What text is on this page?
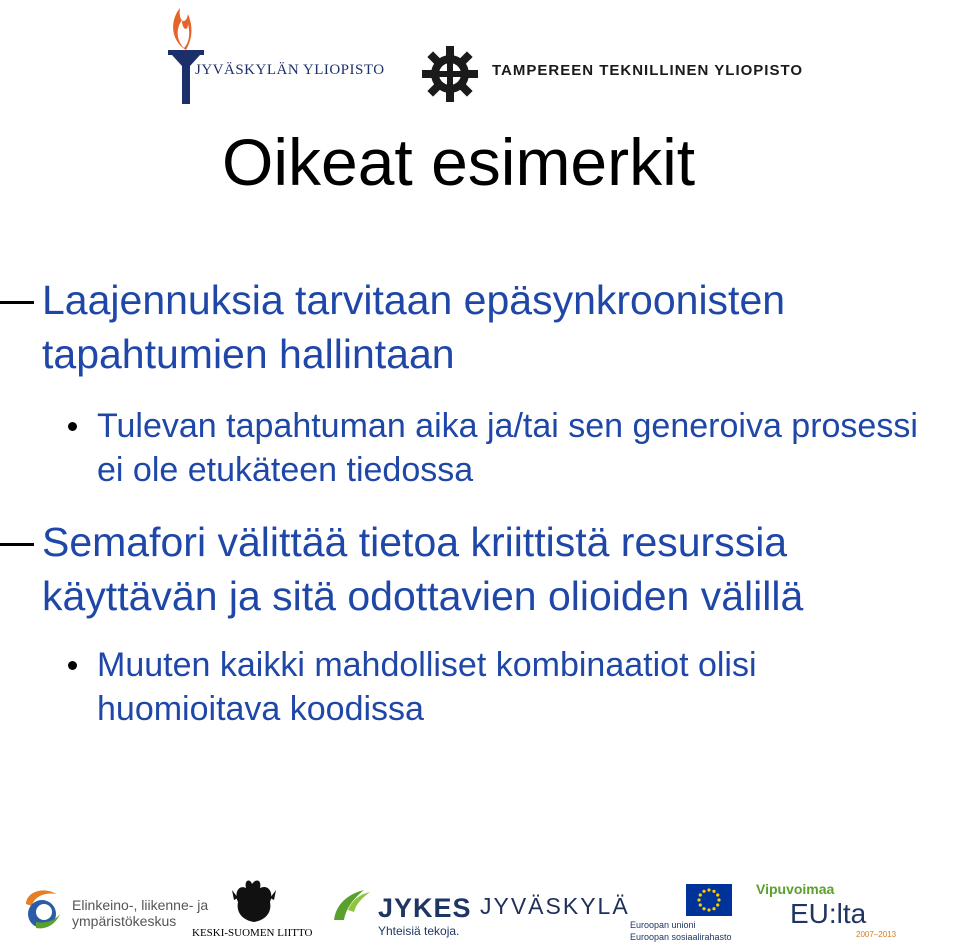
JYVÄSKYLÄN YLIOPISTO	TAMPEREEN TEKNILLINEN YLIOPISTO
Oikeat esimerkit
Laajennuksia tarvitaan epäsynkroonisten tapahtumien hallintaan
Tulevan tapahtuman aika ja/tai sen generoiva prosessi ei ole etukäteen tiedossa
Semafori välittää tietoa kriittistä resurssia käyttävän ja sitä odottavien olioiden välillä
Muuten kaikki mahdolliset kombinaatiot olisi huomioitava koodissa
Elinkeino-, liikenne- ja
ympäristökeskus
KESKI-SUOMEN LIITTO
JYKES
Yhteisiä tekoja.
JYVÄSKYLÄ
Euroopan unioni
Euroopan sosiaalirahasto
Vipuvoimaa
EU:lta
2007–2013
